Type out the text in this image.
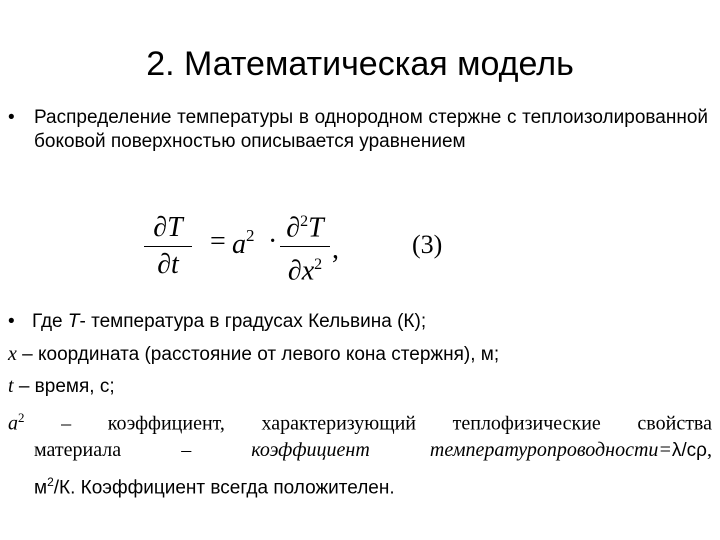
2. Математическая модель
•	Распределение температуры в однородном стержне с теплоизолированной боковой поверхностью описывается уравнением
∂T
∂t
= $a^2 \cdot \partial^2T$
$\partial x^2$ ,	(3)
• Где T- температура в градусах Кельвина (К);
x – координата (расстояние от левого кона стержня), м;
t – время, с;
$a^2$ – коэффициент, характеризующий теплофизические свойства
материала – коэффициент температуропроводности=λ/cρ,
$м^2/К$. Коэффициент всегда положителен.
